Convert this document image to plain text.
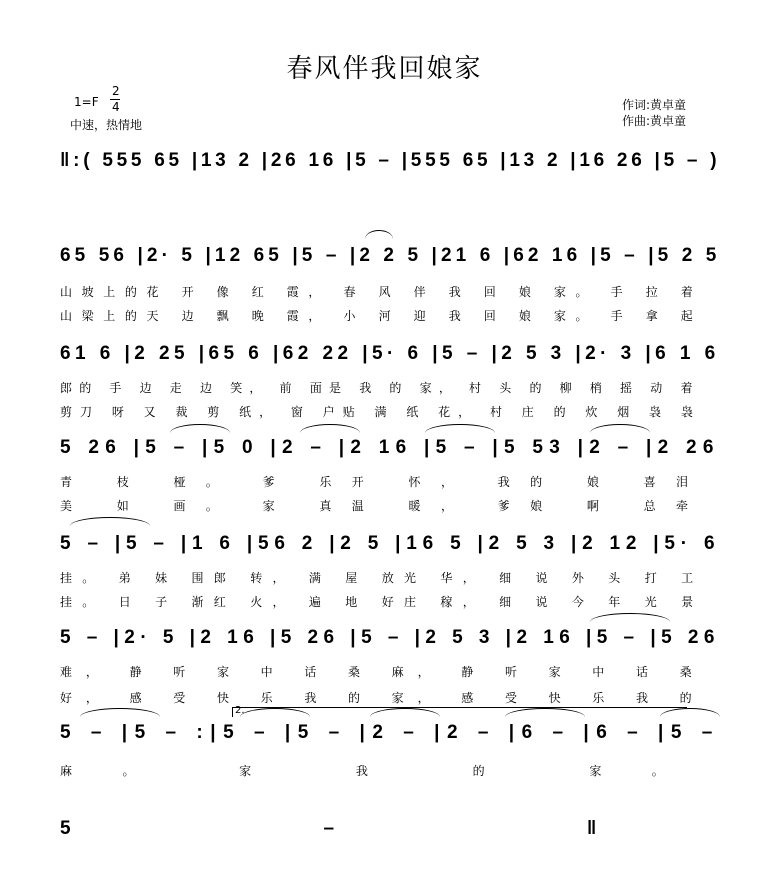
春风伴我回娘家
1=F
2
4
中速，热情地
作词:黄卓童
作曲:黄卓童
‖:( 555 65 |13 2 |26 16 |5 – |555 65 |13 2 |16 26 |5 – )
65 56 |2· 5 |12 65 |5 – |2 2 5 |21 6 |62 16 |5 – |5 2 5
山坡上的花 开 像 红 霞， 春 风 伴 我 回 娘 家。 手 拉 着
山梁上的天 边 飘 晚 霞， 小 河 迎 我 回 娘 家。 手 拿 起
61 6 |2 25 |65 6 |62 22 |5· 6 |5 – |2 5 3 |2· 3 |6 1 6
郎的 手 边 走 边 笑， 前 面是 我 的 家， 村 头 的 柳 梢 摇 动 着
剪刀 呀 又 裁 剪 纸， 窗 户贴 满 纸 花， 村 庄 的 炊 烟 袅 袅
5 26 |5 – |5 0 |2 – |2 16 |5 – |5 53 |2 – |2 26
青 枝 桠。 爹 乐开 怀， 我的 娘 喜泪
美 如 画。 家 真温 暖， 爹娘 啊 总牵
5 – |5 – |1 6 |56 2 |2 5 |16 5 |2 5 3 |2 12 |5· 6
挂。 弟 妹 围郎 转， 满 屋 放光 华， 细 说 外 头 打 工
挂。 日 子 渐红 火， 遍 地 好庄 稼， 细 说 今 年 光 景
5 – |2· 5 |2 16 |5 26 |5 – |2 5 3 |2 16 |5 – |5 26
难， 静 听 家 中 话 桑 麻， 静 听 家 中 话 桑
好， 感 受 快 乐 我 的 家， 感 受 快 乐 我 的
2.
5 – |5 – :|5 – |5 – |2 – |2 – |6 – |6 – |5 –
麻。 家 我 的 家。
5 – ‖
